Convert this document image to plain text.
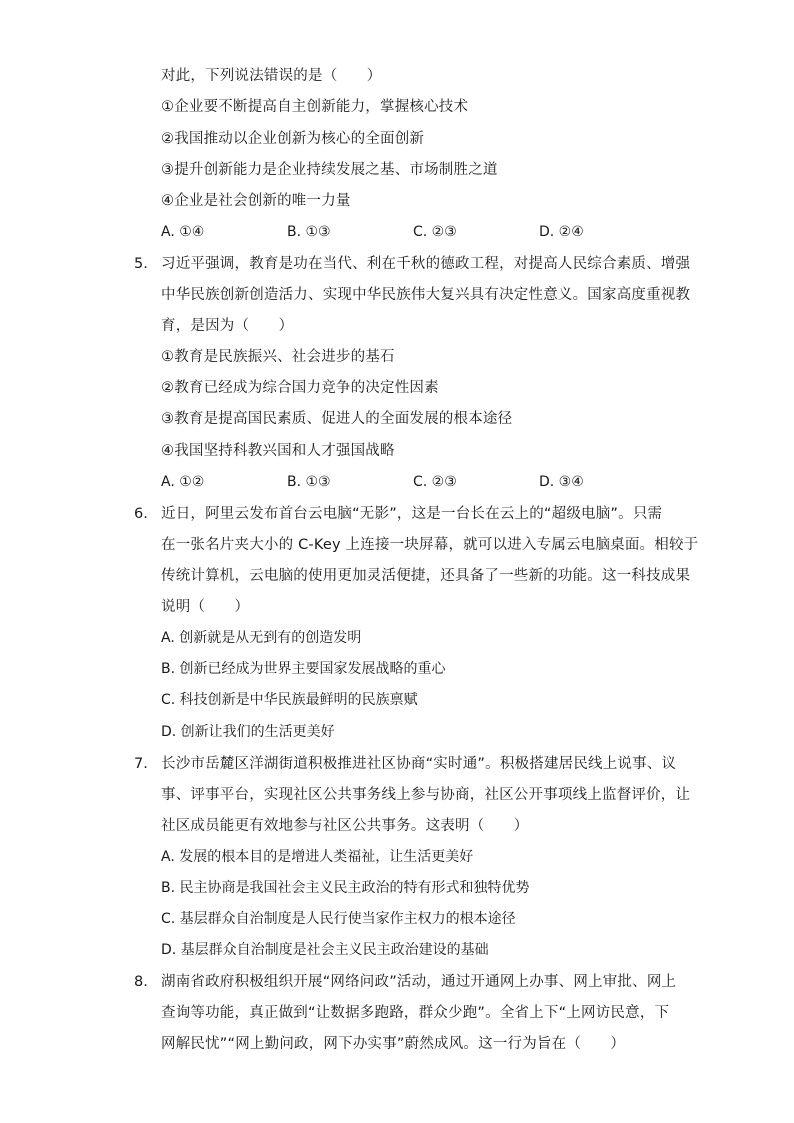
对此，下列说法错误的是（　　）
①企业要不断提高自主创新能力，掌握核心技术
②我国推动以企业创新为核心的全面创新
③提升创新能力是企业持续发展之基、市场制胜之道
④企业是社会创新的唯一力量
A. ①④	B. ①③	C. ②③	D. ②④
5. 习近平强调，教育是功在当代、利在千秋的德政工程，对提高人民综合素质、增强
中华民族创新创造活力、实现中华民族伟大复兴具有决定性意义。国家高度重视教
育，是因为（　　）
①教育是民族振兴、社会进步的基石
②教育已经成为综合国力竞争的决定性因素
③教育是提高国民素质、促进人的全面发展的根本途径
④我国坚持科教兴国和人才强国战略
A. ①②	B. ①③	C. ②③	D. ③④
6. 近日，阿里云发布首台云电脑“无影”，这是一台长在云上的“超级电脑”。只需
在一张名片夹大小的 C-Key 上连接一块屏幕，就可以进入专属云电脑桌面。相较于
传统计算机，云电脑的使用更加灵活便捷，还具备了一些新的功能。这一科技成果
说明（　　）
A. 创新就是从无到有的创造发明
B. 创新已经成为世界主要国家发展战略的重心
C. 科技创新是中华民族最鲜明的民族禀赋
D. 创新让我们的生活更美好
7. 长沙市岳麓区洋湖街道积极推进社区协商“实时通”。积极搭建居民线上说事、议
事、评事平台，实现社区公共事务线上参与协商，社区公开事项线上监督评价，让
社区成员能更有效地参与社区公共事务。这表明（　　）
A. 发展的根本目的是增进人类福祉，让生活更美好
B. 民主协商是我国社会主义民主政治的特有形式和独特优势
C. 基层群众自治制度是人民行使当家作主权力的根本途径
D. 基层群众自治制度是社会主义民主政治建设的基础
8. 湖南省政府积极组织开展“网络问政”活动，通过开通网上办事、网上审批、网上
查询等功能，真正做到“让数据多跑路，群众少跑”。全省上下“上网访民意，下
网解民忧”“网上勤问政，网下办实事”蔚然成风。这一行为旨在（　　）
